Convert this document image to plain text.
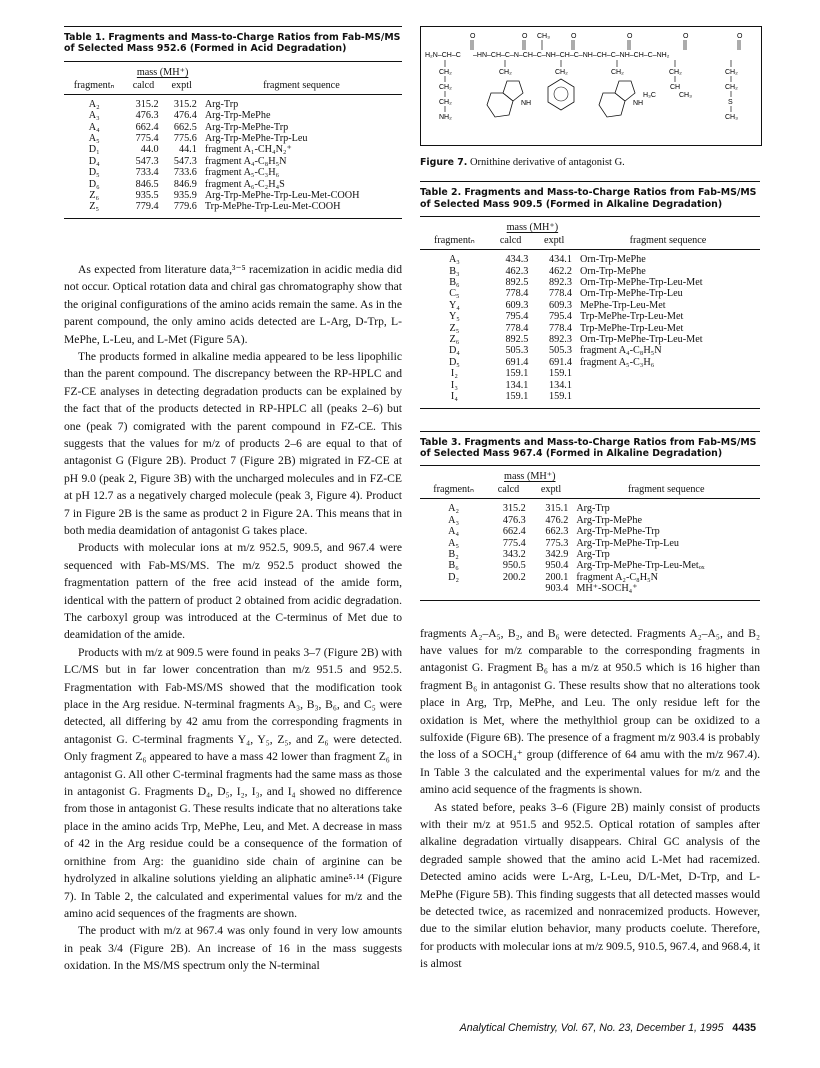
Table 1. Fragments and Mass-to-Charge Ratios from Fab-MS/MS of Selected Mass 952.6 (Formed in Acid Degradation)

	mass (MH⁺)		
fragmentₙ	calcd	exptl	fragment sequence
A₂	315.2	315.2	Arg-Trp
A₃	476.3	476.4	Arg-Trp-MePhe
A₄	662.4	662.5	Arg-Trp-MePhe-Trp
A₅	775.4	775.6	Arg-Trp-MePhe-Trp-Leu
D₁	44.0	44.1	fragment A₁-CH₄N₂⁺
D₄	547.3	547.3	fragment A₄-C₈H₅N
D₅	733.4	733.6	fragment A₅-C₃H₆
D₆	846.5	846.9	fragment A₆-C₂H₄S
Z₆	935.5	935.9	Arg-Trp-MePhe-Trp-Leu-Met-COOH
Z₅	779.4	779.6	Trp-MePhe-Trp-Leu-Met-COOH

As expected from literature data,³⁻⁵ racemization in acidic media did not occur. Optical rotation data and chiral gas chromatography show that the original configurations of the amino acids remain the same. As in the parent compound, the only amino acids detected are L-Arg, D-Trp, L-MePhe, L-Leu, and L-Met (Figure 5A).

The products formed in alkaline media appeared to be less lipophilic than the parent compound. The discrepancy between the RP-HPLC and FZ-CE analyses in detecting degradation products can be explained by the fact that of the products detected in RP-HPLC all (peaks 2–6) but one (peak 7) comigrated with the parent compound in FZ-CE. This suggests that the values for m/z of products 2–6 are equal to that of antagonist G (Figure 2B). Product 7 (Figure 2B) migrated in FZ-CE at pH 9.0 (peak 2, Figure 3B) with the uncharged molecules and in FZ-CE at pH 12.7 as a negatively charged molecule (peak 3, Figure 4). Product 7 in Figure 2B is the same as product 2 in Figure 2A. This means that in both media deamidation of antagonist G takes place.

Products with molecular ions at m/z 952.5, 909.5, and 967.4 were sequenced with Fab-MS/MS. The m/z 952.5 product showed the fragmentation pattern of the free acid instead of the amide form, identical with the pattern of product 2 obtained from acidic degradation. The carboxyl group was introduced at the C-terminus of Met due to deamidation of the amide.

Products with m/z at 909.5 were found in peaks 3–7 (Figure 2B) with LC/MS but in far lower concentration than m/z 951.5 and 952.5. Fragmentation with Fab-MS/MS showed that the modification took place in the Arg residue. N-terminal fragments A₃, B₃, B₆, and C₅ were detected, all differing by 42 amu from the corresponding fragments in antagonist G. C-terminal fragments Y₄, Y₅, Z₅, and Z₆ were detected. Only fragment Z₆ appeared to have a mass 42 lower than fragment Z₆ in antagonist G. All other C-terminal fragments had the same mass as those in antagonist G. Fragments D₄, D₅, I₂, I₃, and I₄ showed no difference from those in antagonist G. These results indicate that no alterations take place in the amino acids Trp, MePhe, Leu, and Met. A decrease in mass of 42 in the Arg residue could be a consequence of the formation of ornithine from Arg: the guanidino side chain of arginine can be hydrolyzed in alkaline solutions yielding an aliphatic amine⁵·¹⁴ (Figure 7). In Table 2, the calculated and experimental values for m/z and the amino acid sequences of the fragments are shown.

The product with m/z at 967.4 was only found in very low amounts in peak 3/4 (Figure 2B). An increase of 16 in the mass suggests oxidation. In the MS/MS spectrum only the N-terminal

H₂N–CH–C –HN–CH–C–N–CH–C–NH–CH–C–NH–CH–C–NH–CH–C–NH₂
O	O CH₃	O	O	O	O
CH₂
CH₂
CH₂
NH₂
CH₂
NH
CH₂	CH₂
NH
CH₂
CH
H₃C	CH₃
CH₂
CH₂
S
CH₃

Figure 7. Ornithine derivative of antagonist G.

Table 2. Fragments and Mass-to-Charge Ratios from Fab-MS/MS of Selected Mass 909.5 (Formed in Alkaline Degradation)

	mass (MH⁺)		
fragmentₙ	calcd	exptl	fragment sequence
A₃	434.3	434.1	Orn-Trp-MePhe
B₃	462.3	462.2	Orn-Trp-MePhe
B₆	892.5	892.3	Orn-Trp-MePhe-Trp-Leu-Met
C₅	778.4	778.4	Orn-Trp-MePhe-Trp-Leu
Y₄	609.3	609.3	MePhe-Trp-Leu-Met
Y₅	795.4	795.4	Trp-MePhe-Trp-Leu-Met
Z₅	778.4	778.4	Trp-MePhe-Trp-Leu-Met
Z₆	892.5	892.3	Orn-Trp-MePhe-Trp-Leu-Met
D₄	505.3	505.3	fragment A₄-C₈H₅N
D₅	691.4	691.4	fragment A₅-C₃H₆
I₂	159.1	159.1	
I₃	134.1	134.1	
I₄	159.1	159.1	

Table 3. Fragments and Mass-to-Charge Ratios from Fab-MS/MS of Selected Mass 967.4 (Formed in Alkaline Degradation)

	mass (MH⁺)		
fragmentₙ	calcd	exptl	fragment sequence
A₂	315.2	315.1	Arg-Trp
A₃	476.3	476.2	Arg-Trp-MePhe
A₄	662.4	662.3	Arg-Trp-MePhe-Trp
A₅	775.4	775.3	Arg-Trp-MePhe-Trp-Leu
B₂	343.2	342.9	Arg-Trp
B₆	950.5	950.4	Arg-Trp-MePhe-Trp-Leu-Metₒₓ
D₂	200.2	200.1	fragment A₂-C₈H₅N
		903.4	MH⁺-SOCH₄⁺

fragments A₂–A₅, B₂, and B₆ were detected. Fragments A₂–A₅, and B₂ have values for m/z comparable to the corresponding fragments in antagonist G. Fragment B₆ has a m/z at 950.5 which is 16 higher than fragment B₆ in antagonist G. These results show that no alterations took place in Arg, Trp, MePhe, and Leu. The only residue left for the oxidation is Met, where the methylthiol group can be oxidized to a sulfoxide (Figure 6B). The presence of a fragment m/z 903.4 is probably the loss of a SOCH₄⁺ group (difference of 64 amu with the m/z 967.4). In Table 3 the calculated and the experimental values for m/z and the amino acid sequence of the fragments is shown.

As stated before, peaks 3–6 (Figure 2B) mainly consist of products with their m/z at 951.5 and 952.5. Optical rotation of samples after alkaline degradation virtually disappears. Chiral GC analysis of the degraded sample showed that the amino acid L-Met had racemized. Detected amino acids were L-Arg, L-Leu, D/L-Met, D-Trp, and L-MePhe (Figure 5B). This finding suggests that all detected masses would be detected twice, as racemized and nonracemized products. However, due to the similar elution behavior, many products coelute. Therefore, for products with molecular ions at m/z 909.5, 910.5, 967.4, and 968.4, it is almost

Analytical Chemistry, Vol. 67, No. 23, December 1, 1995 4435
